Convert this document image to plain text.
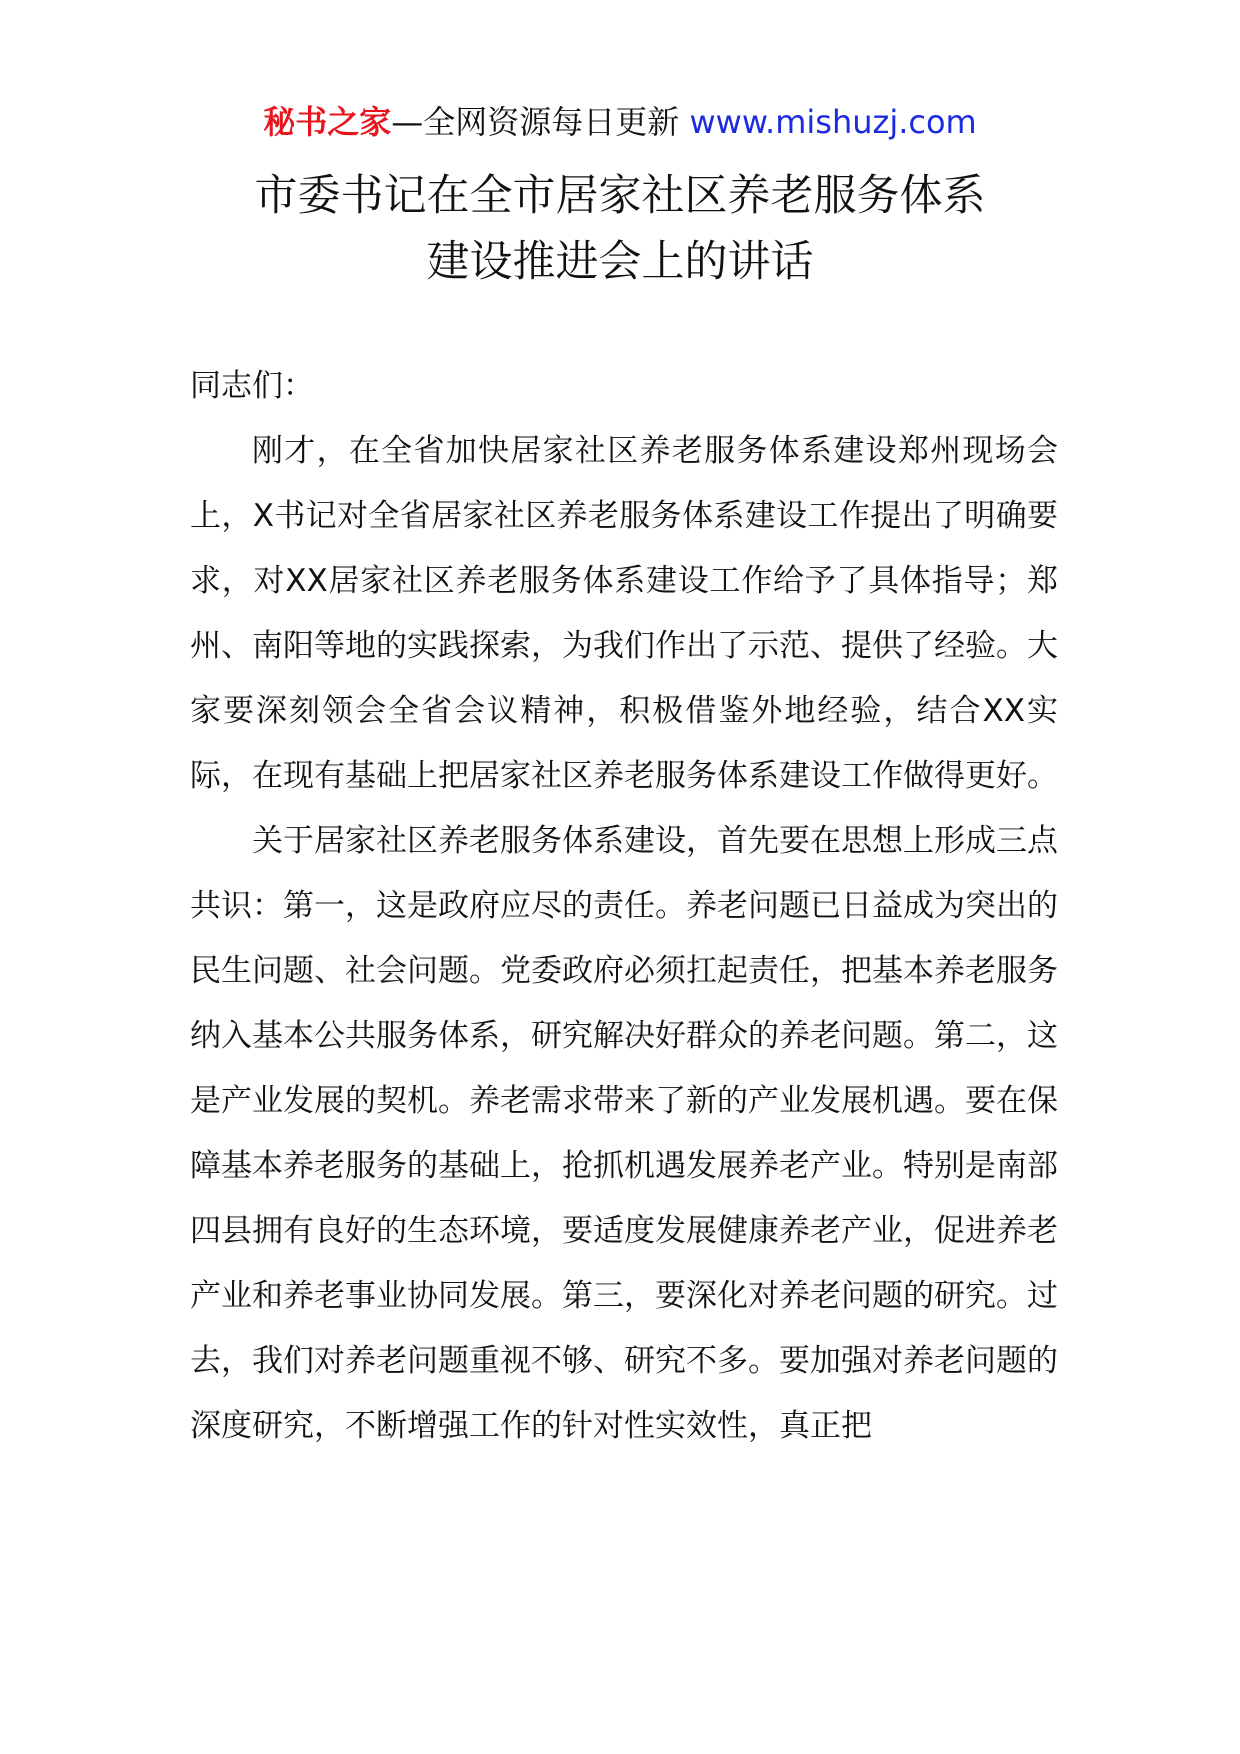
秘书之家—全网资源每日更新 www.mishuzj.com
市委书记在全市居家社区养老服务体系
建设推进会上的讲话

同志们：

刚才，在全省加快居家社区养老服务体系建设郑州现场会上，X书记对全省居家社区养老服务体系建设工作提出了明确要求，对XX居家社区养老服务体系建设工作给予了具体指导；郑州、南阳等地的实践探索，为我们作出了示范、提供了经验。大家要深刻领会全省会议精神，积极借鉴外地经验，结合XX实际，在现有基础上把居家社区养老服务体系建设工作做得更好。

关于居家社区养老服务体系建设，首先要在思想上形成三点共识：第一，这是政府应尽的责任。养老问题已日益成为突出的民生问题、社会问题。党委政府必须扛起责任，把基本养老服务纳入基本公共服务体系，研究解决好群众的养老问题。第二，这是产业发展的契机。养老需求带来了新的产业发展机遇。要在保障基本养老服务的基础上，抢抓机遇发展养老产业。特别是南部四县拥有良好的生态环境，要适度发展健康养老产业，促进养老产业和养老事业协同发展。第三，要深化对养老问题的研究。过去，我们对养老问题重视不够、研究不多。要加强对养老问题的深度研究，不断增强工作的针对性实效性，真正把
